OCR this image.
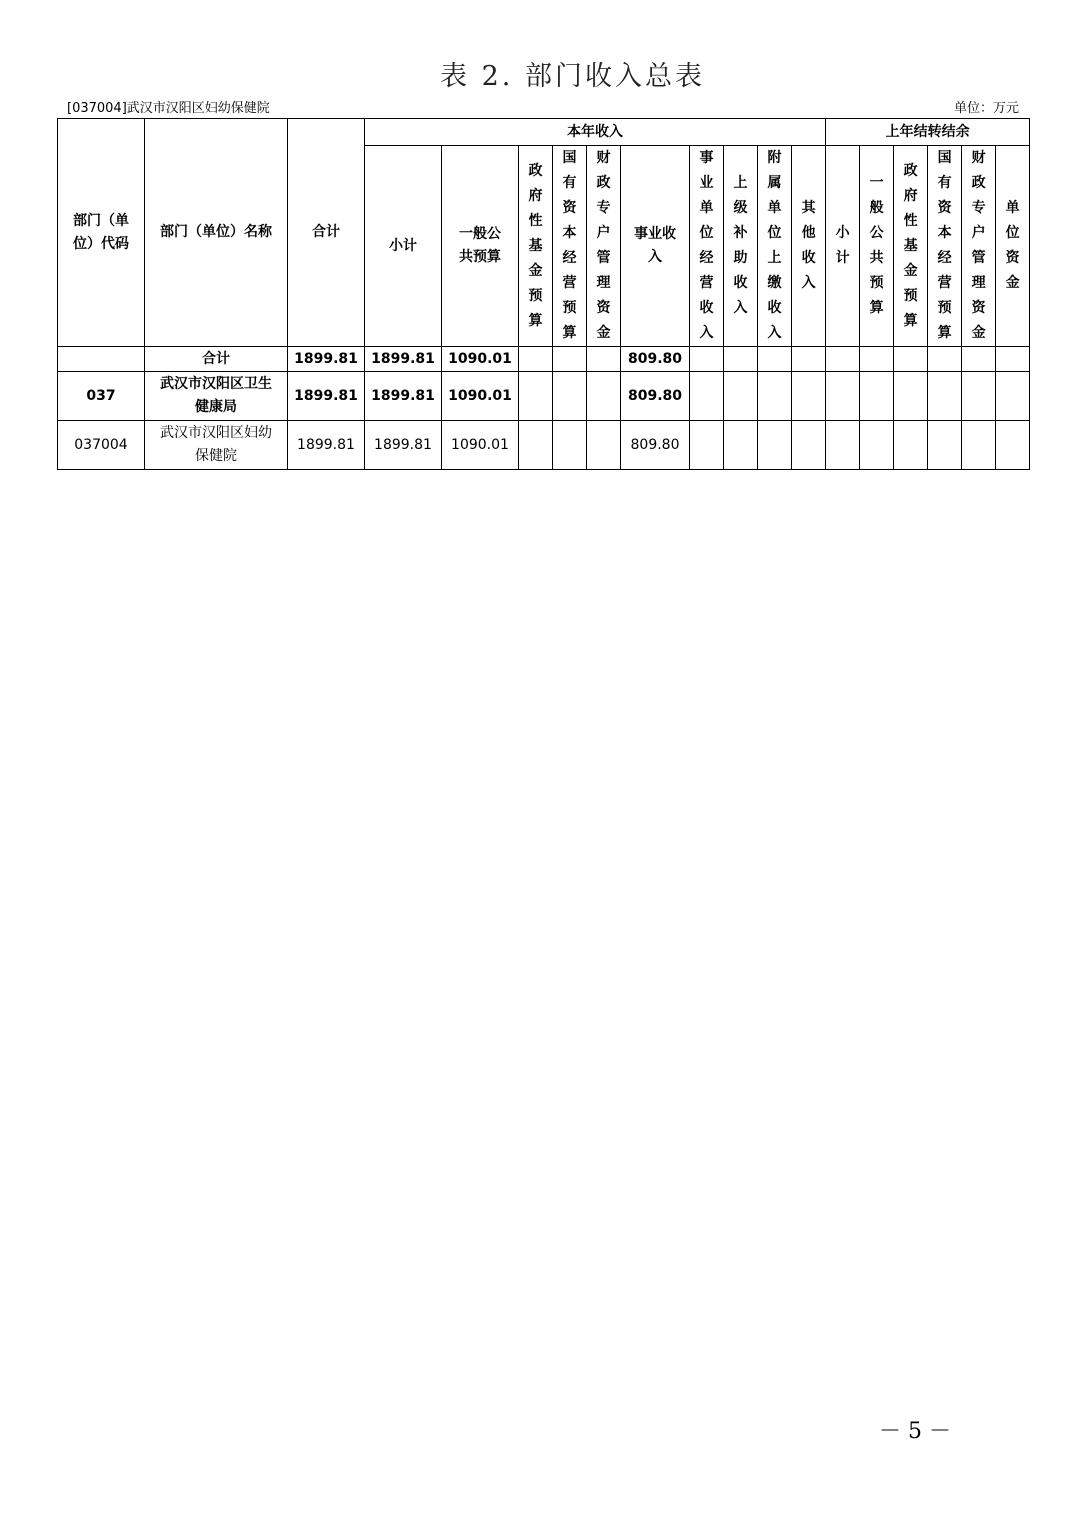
表 2. 部门收入总表
[037004]武汉市汉阳区妇幼保健院	单位：万元
部门（单位）代码	部门（单位）名称	合计	本年收入										上年结转结余					
			小计	一般公共预算	政府性基金预算	国有资本经营预算	财政专户管理资金	事业收入	事业单位经营收入	上级补助收入	附属单位上缴收入	其他收入	小计	一般公共预算	政府性基金预算	国有资本经营预算	财政专户管理资金	单位资金
	合计	1899.81	1899.81	1090.01				809.80										
037	武汉市汉阳区卫生健康局	1899.81	1899.81	1090.01				809.80										
037004	武汉市汉阳区妇幼保健院	1899.81	1899.81	1090.01				809.80										
－ 5 －
